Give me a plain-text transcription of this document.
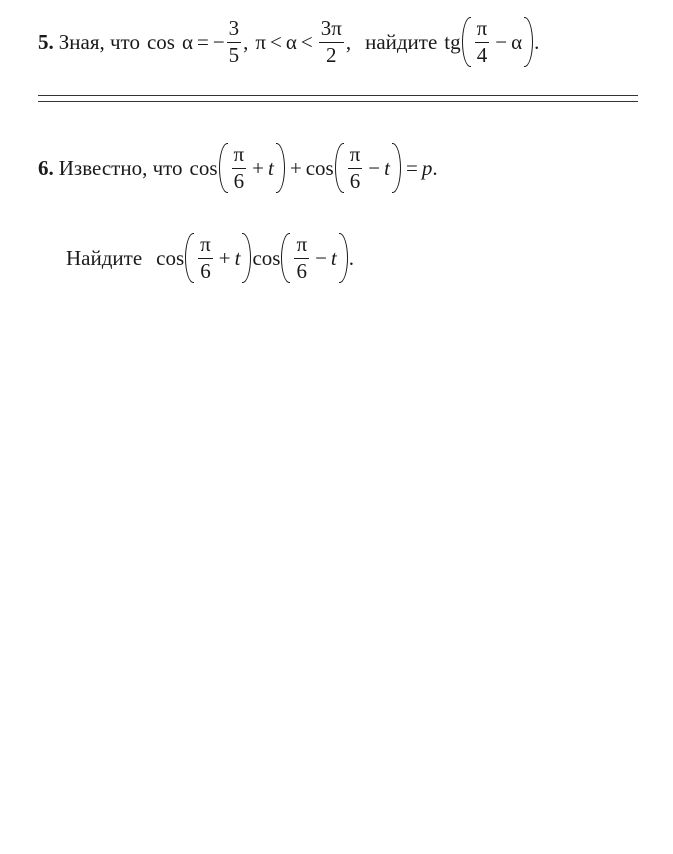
5. Зная, что cos α = − $\frac{3}{5}$ , $\pi < \alpha < \frac{3\pi}{2}$ , найдите tg $\frac{\pi}{4} - \alpha$ .
6. Известно, что $\cos \frac{\pi}{6} + t + \cos \frac{\pi}{6} - t = p$ .
Найдите $\cos \frac{\pi}{6} + t$ $\cos \frac{\pi}{6} - t$ .
